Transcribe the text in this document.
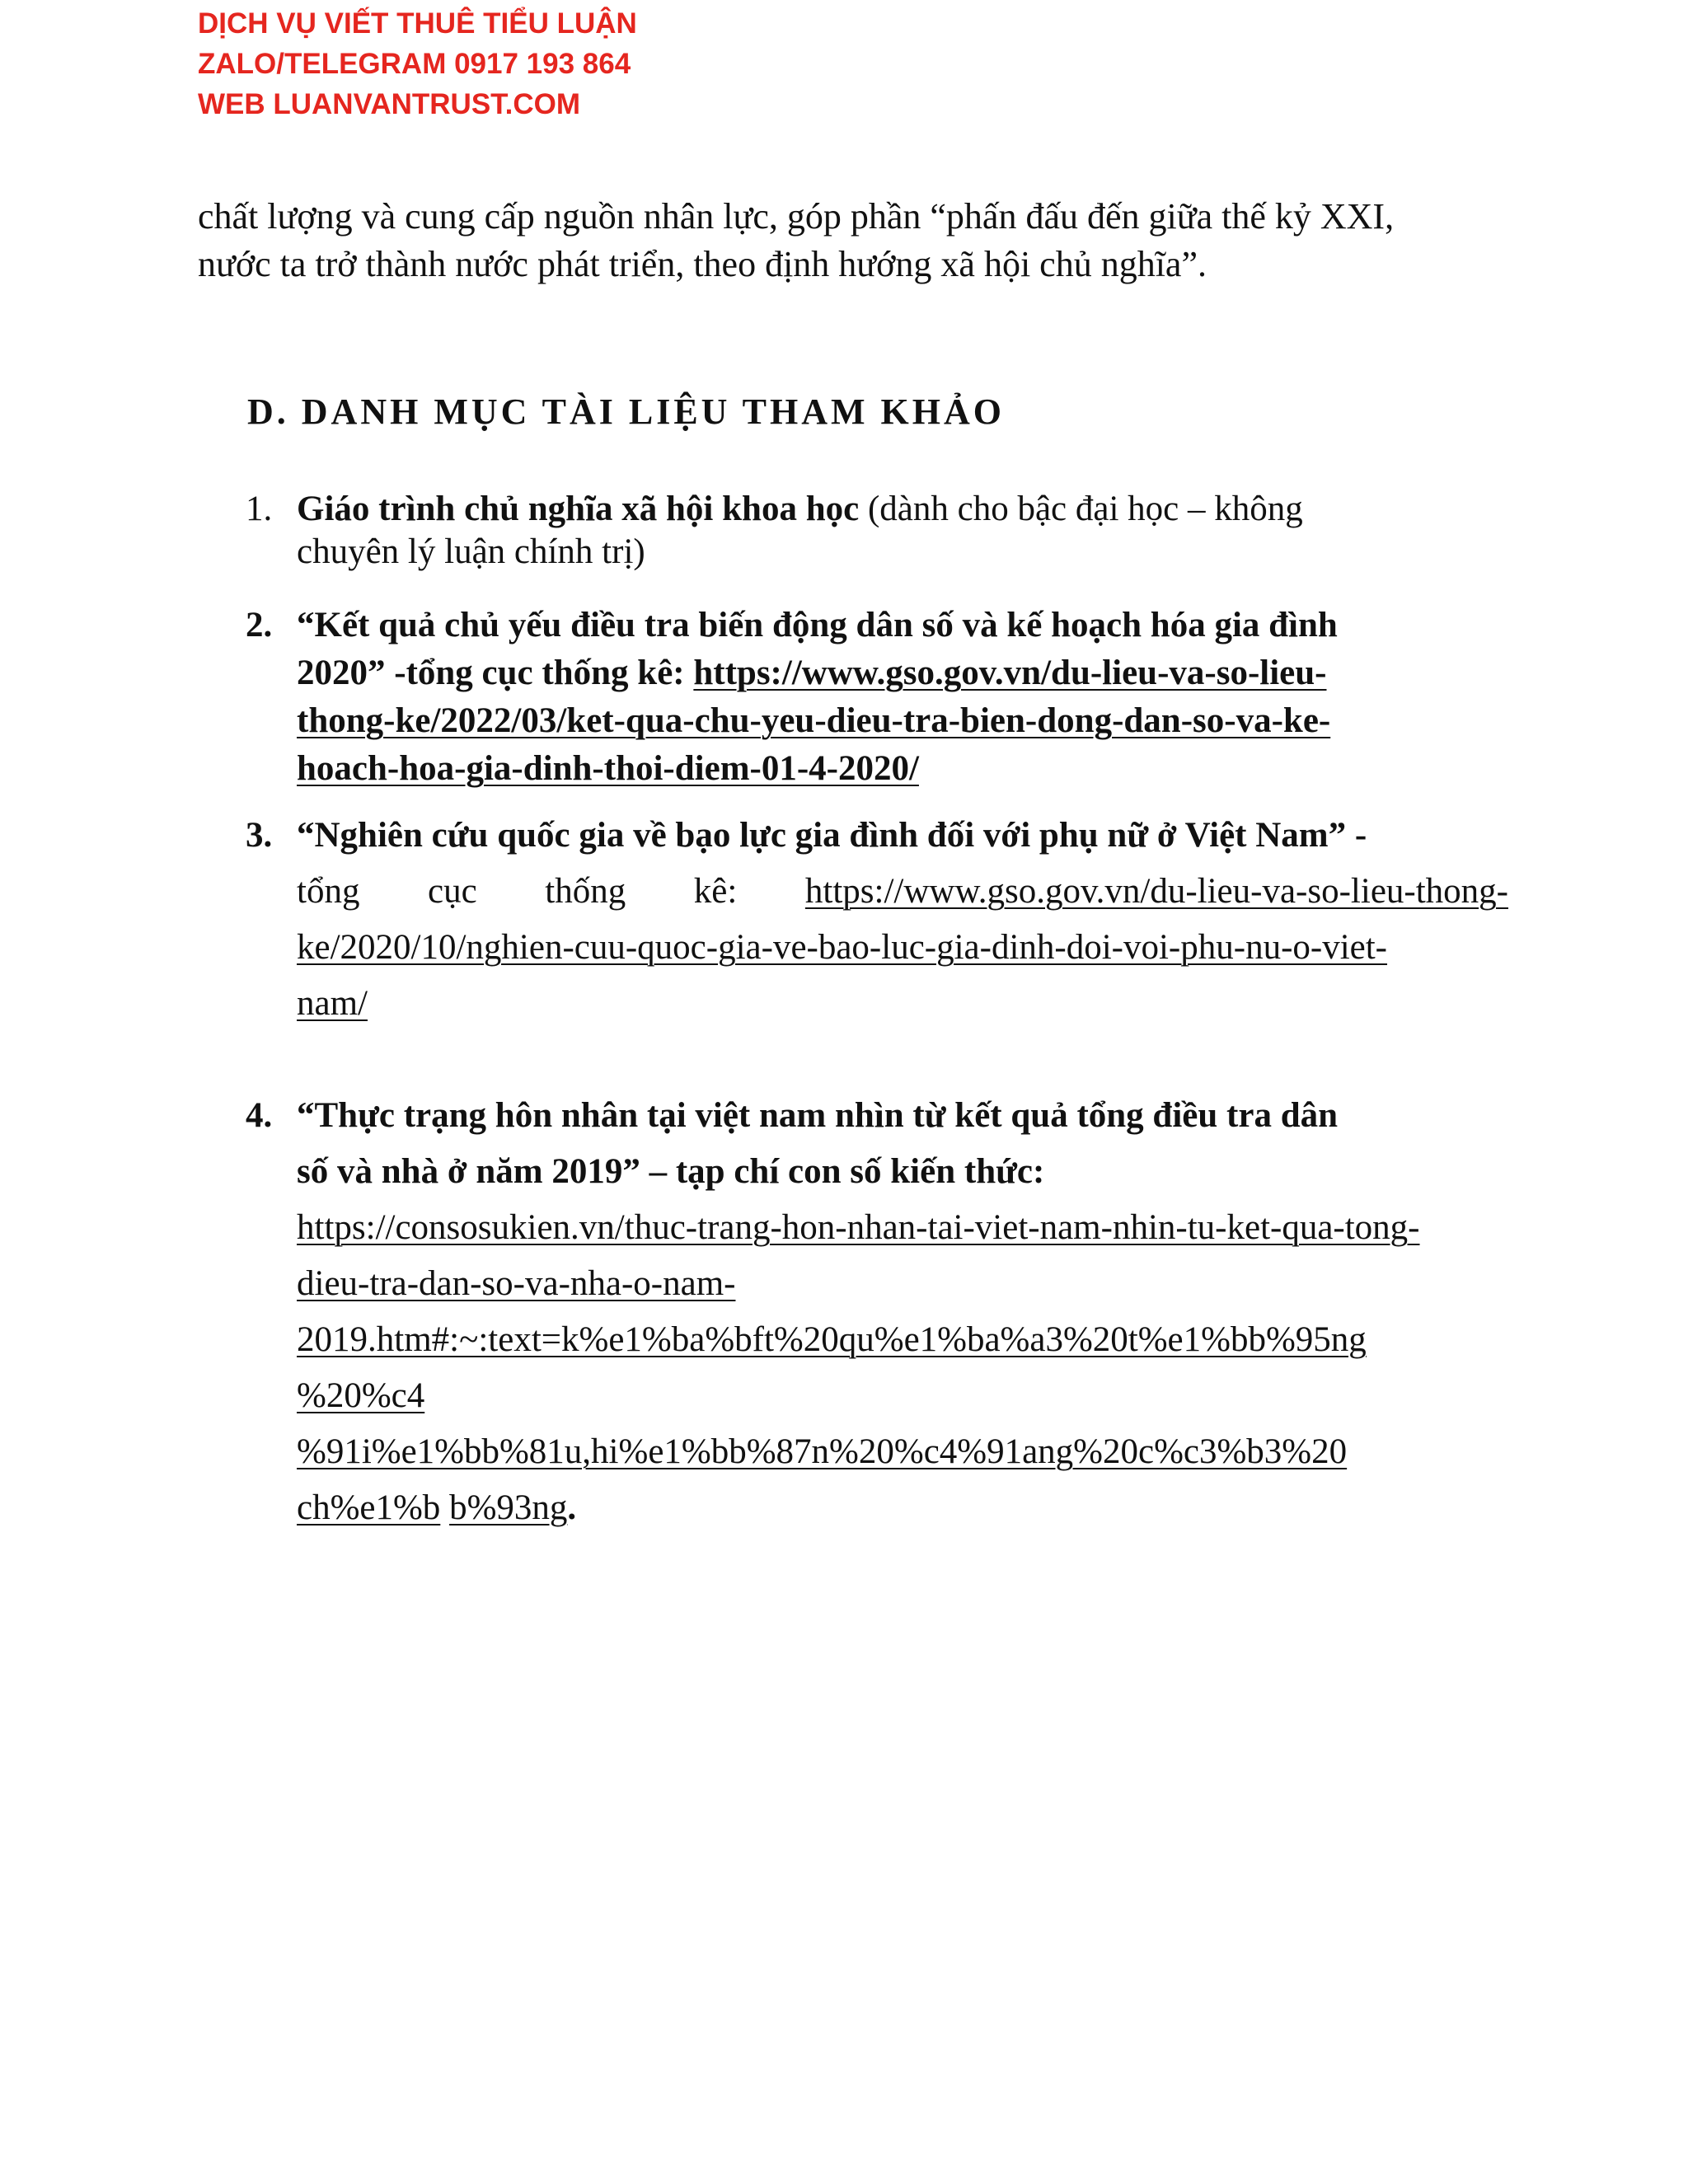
DỊCH VỤ VIẾT THUÊ TIỂU LUẬN
ZALO/TELEGRAM 0917 193 864
WEB LUANVANTRUST.COM

chất lượng và cung cấp nguồn nhân lực, góp phần “phấn đấu đến giữa thế kỷ XXI,

nước ta trở thành nước phát triển, theo định hướng xã hội chủ nghĩa”.

D. DANH MỤC TÀI LIỆU THAM KHẢO
1. Giáo trình chủ nghĩa xã hội khoa học (dành cho bậc đại học – không
chuyên lý luận chính trị)
2. “Kết quả chủ yếu điều tra biến động dân số và kế hoạch hóa gia đình
2020” -tổng cục thống kê: https://www.gso.gov.vn/du-lieu-va-so-lieu-
thong-ke/2022/03/ket-qua-chu-yeu-dieu-tra-bien-dong-dan-so-va-ke-
hoach-hoa-gia-dinh-thoi-diem-01-4-2020/
3. “Nghiên cứu quốc gia về bạo lực gia đình đối với phụ nữ ở Việt Nam” -
tổng cục thống kê: https://www.gso.gov.vn/du-lieu-va-so-lieu-thong-
ke/2020/10/nghien-cuu-quoc-gia-ve-bao-luc-gia-dinh-doi-voi-phu-nu-o-viet-
nam/
4. “Thực trạng hôn nhân tại việt nam nhìn từ kết quả tổng điều tra dân
số và nhà ở năm 2019” – tạp chí con số kiến thức:
https://consosukien.vn/thuc-trang-hon-nhan-tai-viet-nam-nhin-tu-ket-qua-tong-
dieu-tra-dan-so-va-nha-o-nam-
2019.htm#:~:text=k%e1%ba%bft%20qu%e1%ba%a3%20t%e1%bb%95ng
%20%c4
%91i%e1%bb%81u,hi%e1%bb%87n%20%c4%91ang%20c%c3%b3%20
ch%e1%b b%93ng.
